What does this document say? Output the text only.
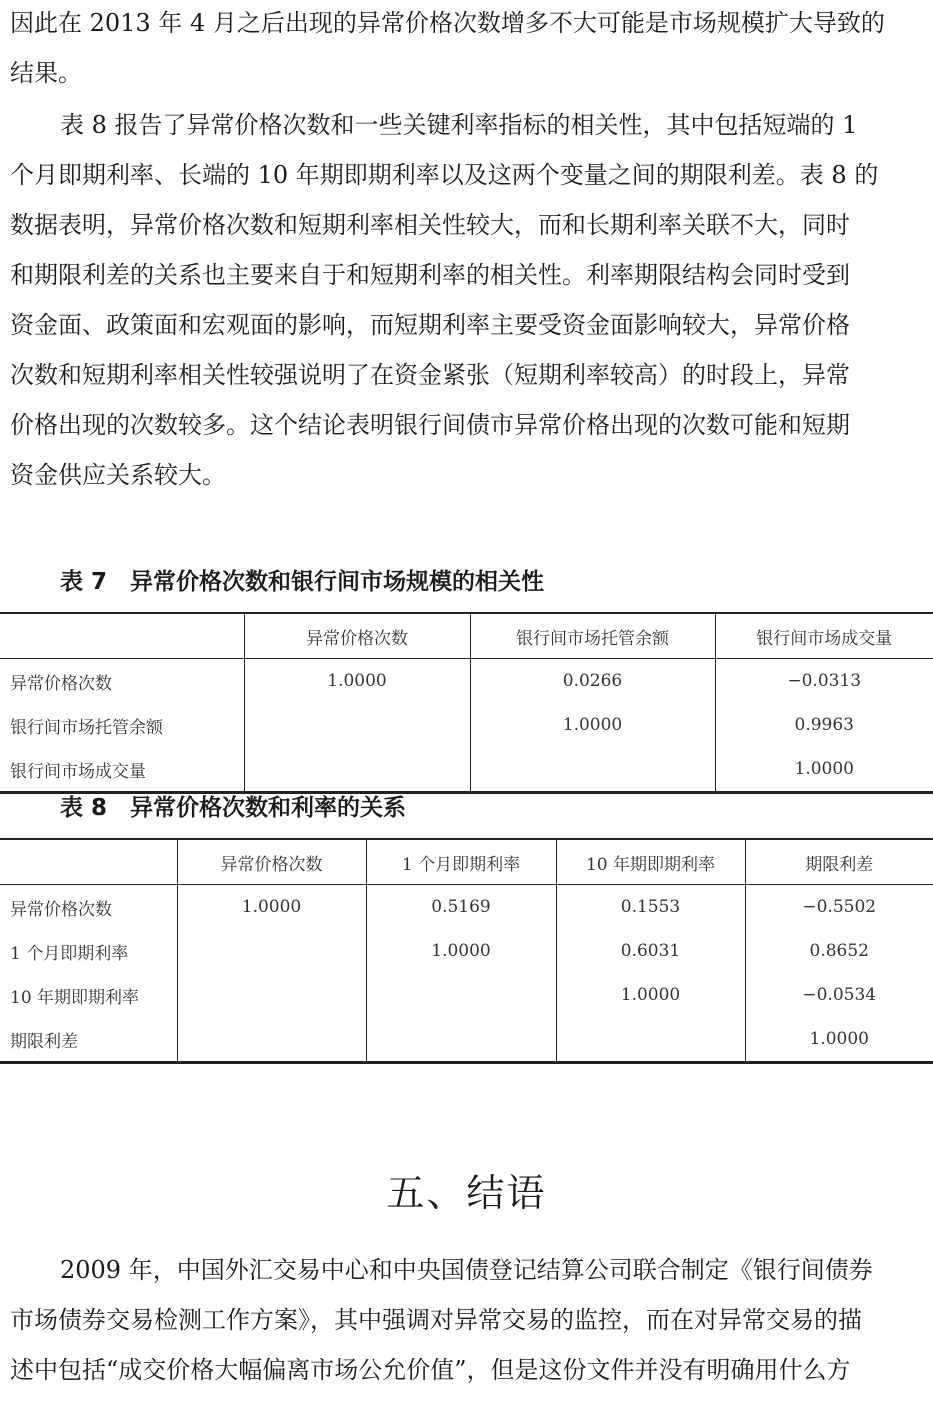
因此在 2013 年 4 月之后出现的异常价格次数增多不大可能是市场规模扩大导致的
结果。
表 8 报告了异常价格次数和一些关键利率指标的相关性，其中包括短端的 1
个月即期利率、长端的 10 年期即期利率以及这两个变量之间的期限利差。表 8 的
数据表明，异常价格次数和短期利率相关性较大，而和长期利率关联不大，同时
和期限利差的关系也主要来自于和短期利率的相关性。利率期限结构会同时受到
资金面、政策面和宏观面的影响，而短期利率主要受资金面影响较大，异常价格
次数和短期利率相关性较强说明了在资金紧张（短期利率较高）的时段上，异常
价格出现的次数较多。这个结论表明银行间债市异常价格出现的次数可能和短期
资金供应关系较大。

表 7　异常价格次数和银行间市场规模的相关性

	异常价格次数	银行间市场托管余额	银行间市场成交量
异常价格次数	1.0000	0.0266	−0.0313
银行间市场托管余额		1.0000	0.9963
银行间市场成交量			1.0000

表 8　异常价格次数和利率的关系

	异常价格次数	1 个月即期利率	10 年期即期利率	期限利差
异常价格次数	1.0000	0.5169	0.1553	−0.5502
1 个月即期利率		1.0000	0.6031	0.8652
10 年期即期利率			1.0000	−0.0534
期限利差				1.0000
五、结语
2009 年，中国外汇交易中心和中央国债登记结算公司联合制定《银行间债券
市场债券交易检测工作方案》，其中强调对异常交易的监控，而在对异常交易的描
述中包括“成交价格大幅偏离市场公允价值”，但是这份文件并没有明确用什么方
